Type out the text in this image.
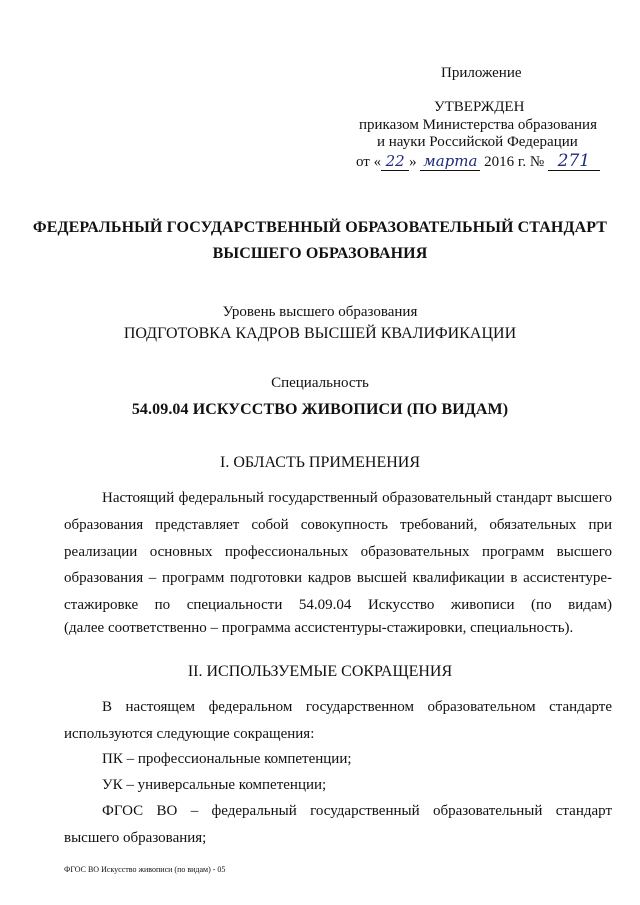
Приложение
УТВЕРЖДЕН
приказом Министерства образования
и науки Российской Федерации
от « 22 » марта 2016 г. № 271
ФЕДЕРАЛЬНЫЙ ГОСУДАРСТВЕННЫЙ ОБРАЗОВАТЕЛЬНЫЙ СТАНДАРТ
ВЫСШЕГО ОБРАЗОВАНИЯ
Уровень высшего образования
ПОДГОТОВКА КАДРОВ ВЫСШЕЙ КВАЛИФИКАЦИИ
Специальность
54.09.04 ИСКУССТВО ЖИВОПИСИ (ПО ВИДАМ)
I. ОБЛАСТЬ ПРИМЕНЕНИЯ

Настоящий федеральный государственный образовательный стандарт высшего образования представляет собой совокупность требований, обязательных при реализации основных профессиональных образовательных программ высшего образования – программ подготовки кадров высшей квалификации в ассистентуре-стажировке по специальности 54.09.04 Искусство живописи (по видам)

(далее соответственно – программа ассистентуры-стажировки, специальность).
II. ИСПОЛЬЗУЕМЫЕ СОКРАЩЕНИЯ

В настоящем федеральном государственном образовательном стандарте используются следующие сокращения:

ПК – профессиональные компетенции;
УК – универсальные компетенции;

ФГОС ВО – федеральный государственный образовательный стандарт высшего образования;

ФГОС ВО Искусство живописи (по видам) - 05
